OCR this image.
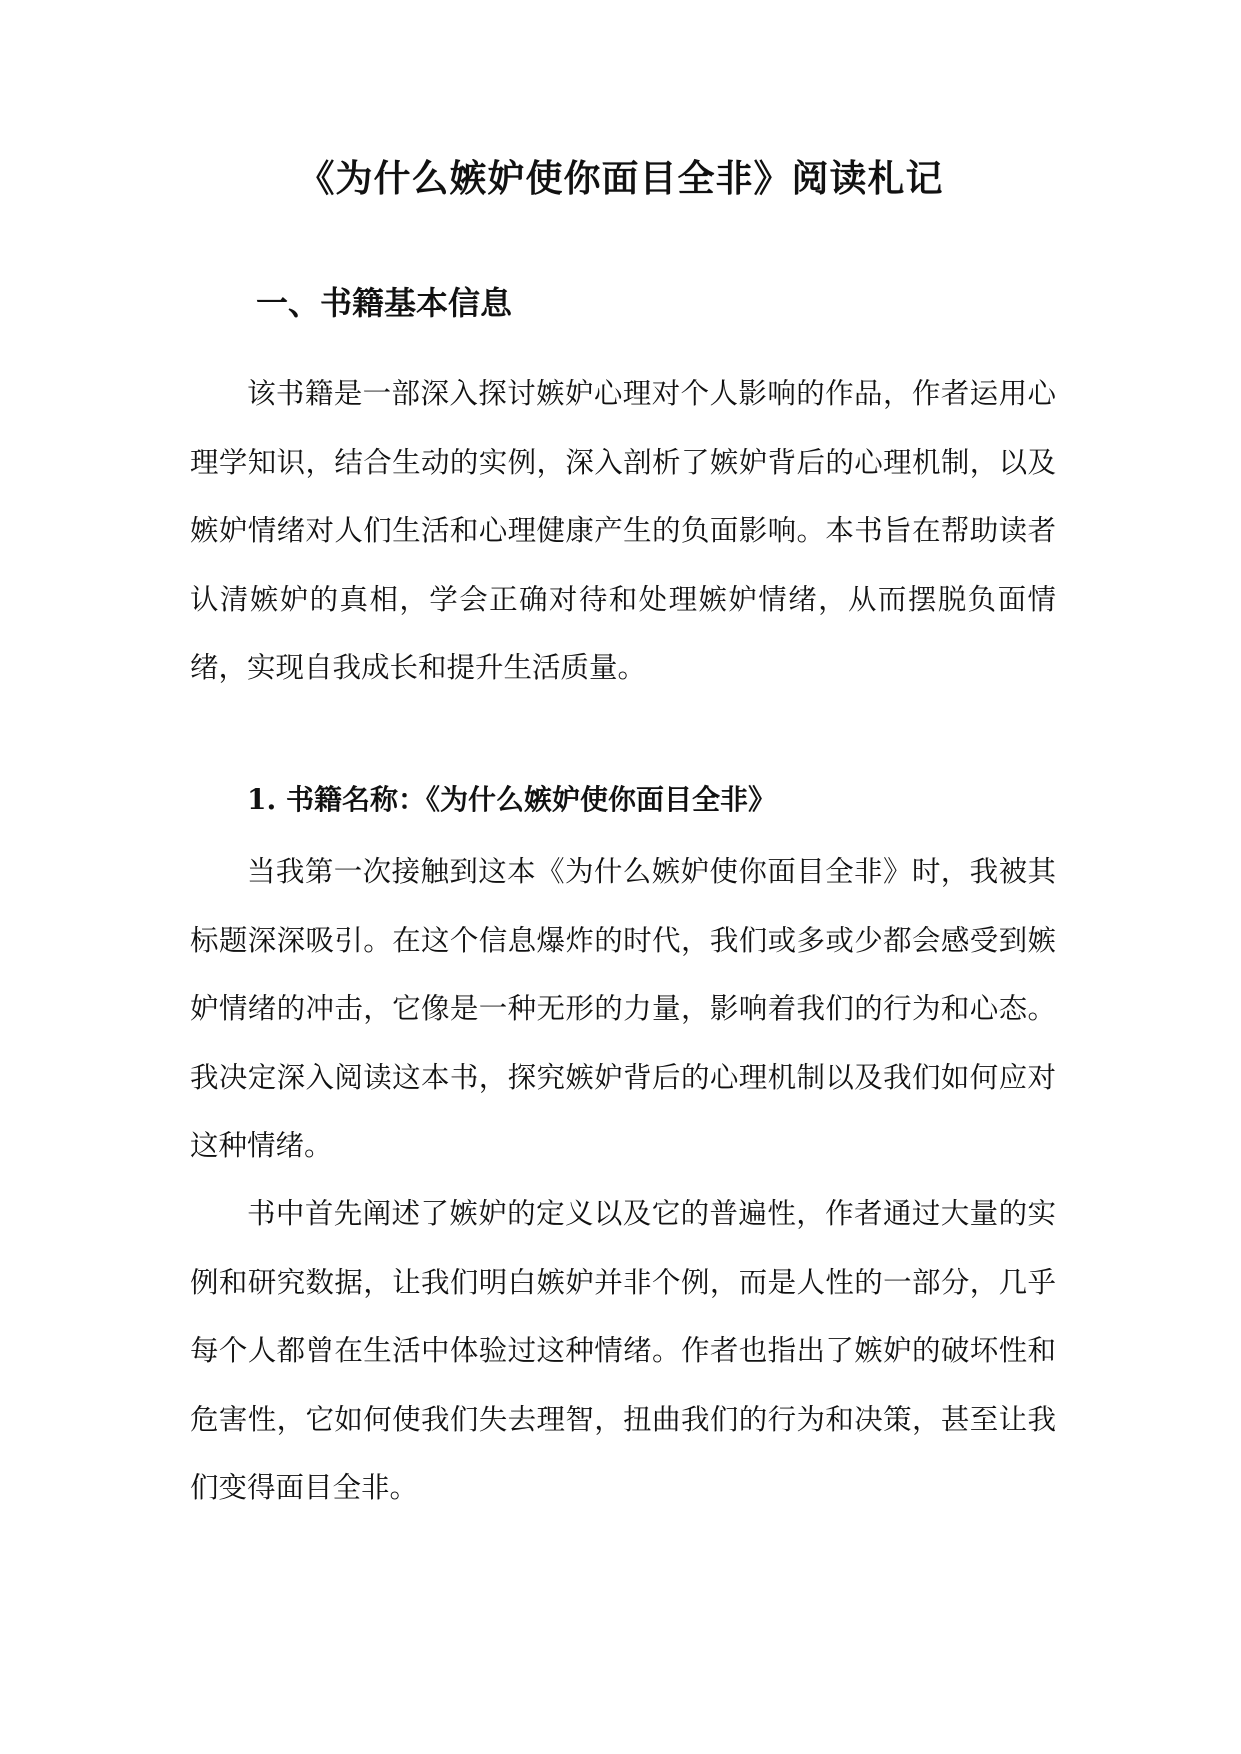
《为什么嫉妒使你面目全非》阅读札记
一、书籍基本信息

该书籍是一部深入探讨嫉妒心理对个人影响的作品，作者运用心理学知识，结合生动的实例，深入剖析了嫉妒背后的心理机制，以及嫉妒情绪对人们生活和心理健康产生的负面影响。本书旨在帮助读者认清嫉妒的真相，学会正确对待和处理嫉妒情绪，从而摆脱负面情绪，实现自我成长和提升生活质量。

1. 书籍名称：《为什么嫉妒使你面目全非》

当我第一次接触到这本《为什么嫉妒使你面目全非》时，我被其标题深深吸引。在这个信息爆炸的时代，我们或多或少都会感受到嫉妒情绪的冲击，它像是一种无形的力量，影响着我们的行为和心态。我决定深入阅读这本书，探究嫉妒背后的心理机制以及我们如何应对这种情绪。

书中首先阐述了嫉妒的定义以及它的普遍性，作者通过大量的实例和研究数据，让我们明白嫉妒并非个例，而是人性的一部分，几乎每个人都曾在生活中体验过这种情绪。作者也指出了嫉妒的破坏性和危害性，它如何使我们失去理智，扭曲我们的行为和决策，甚至让我们变得面目全非。
